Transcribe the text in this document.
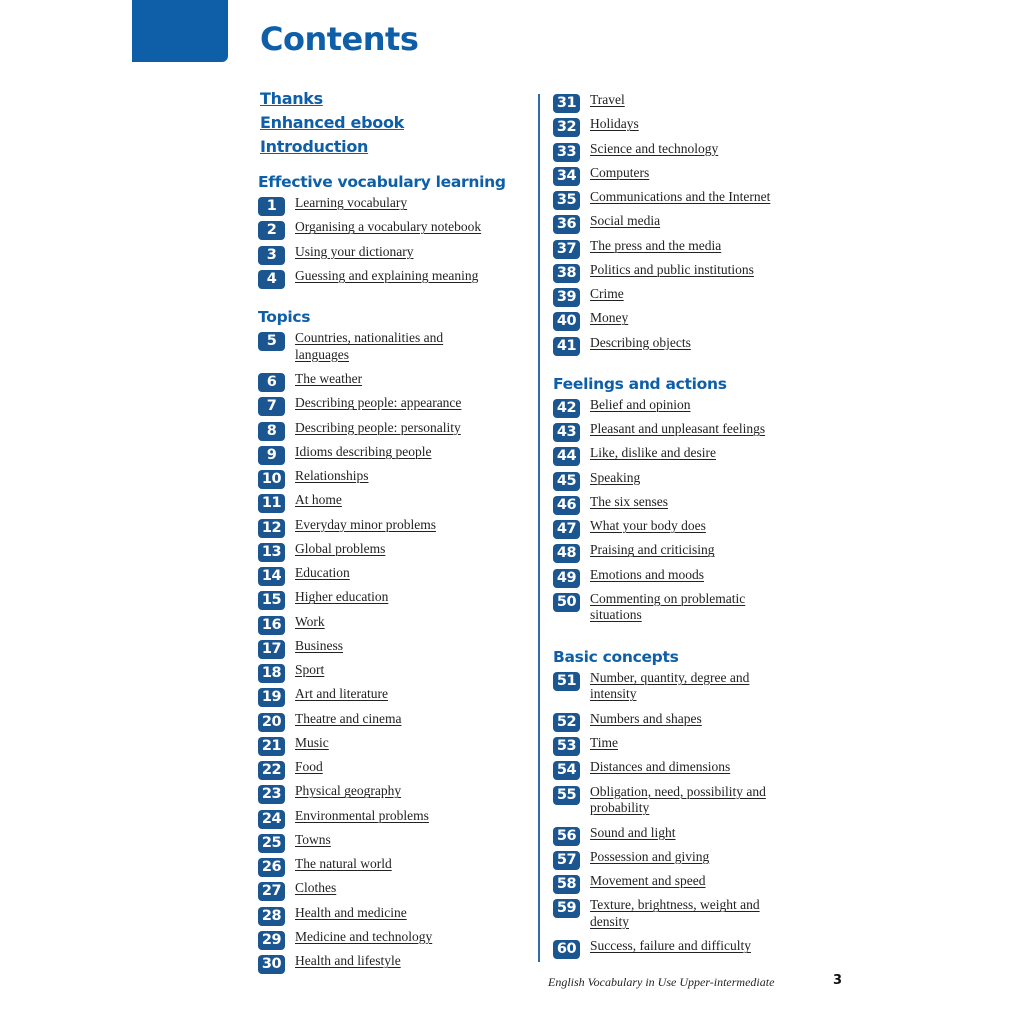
Contents
Thanks
Enhanced ebook
Introduction
Effective vocabulary learning
1	Learning vocabulary
2	Organising a vocabulary notebook
3	Using your dictionary
4	Guessing and explaining meaning
Topics
5	Countries, nationalities and languages
6	The weather
7	Describing people: appearance
8	Describing people: personality
9	Idioms describing people
10 Relationships
11 At home
12 Everyday minor problems
13 Global problems
14 Education
15 Higher education
16 Work
17 Business
18 Sport
19 Art and literature
20 Theatre and cinema
21 Music
22 Food
23 Physical geography
24 Environmental problems
25 Towns
26 The natural world
27 Clothes
28 Health and medicine
29 Medicine and technology
30 Health and lifestyle
31 Travel
32 Holidays
33 Science and technology
34 Computers
35 Communications and the Internet
36 Social media
37 The press and the media
38 Politics and public institutions
39 Crime
40 Money
41 Describing objects
Feelings and actions
42 Belief and opinion
43 Pleasant and unpleasant feelings
44 Like, dislike and desire
45 Speaking
46 The six senses
47 What your body does
48 Praising and criticising
49 Emotions and moods
50 Commenting on problematic situations
Basic concepts
51 Number, quantity, degree and intensity
52 Numbers and shapes
53 Time
54 Distances and dimensions
55 Obligation, need, possibility and probability
56 Sound and light
57 Possession and giving
58 Movement and speed
59 Texture, brightness, weight and density
60 Success, failure and difficulty
English Vocabulary in Use Upper-intermediate	3
